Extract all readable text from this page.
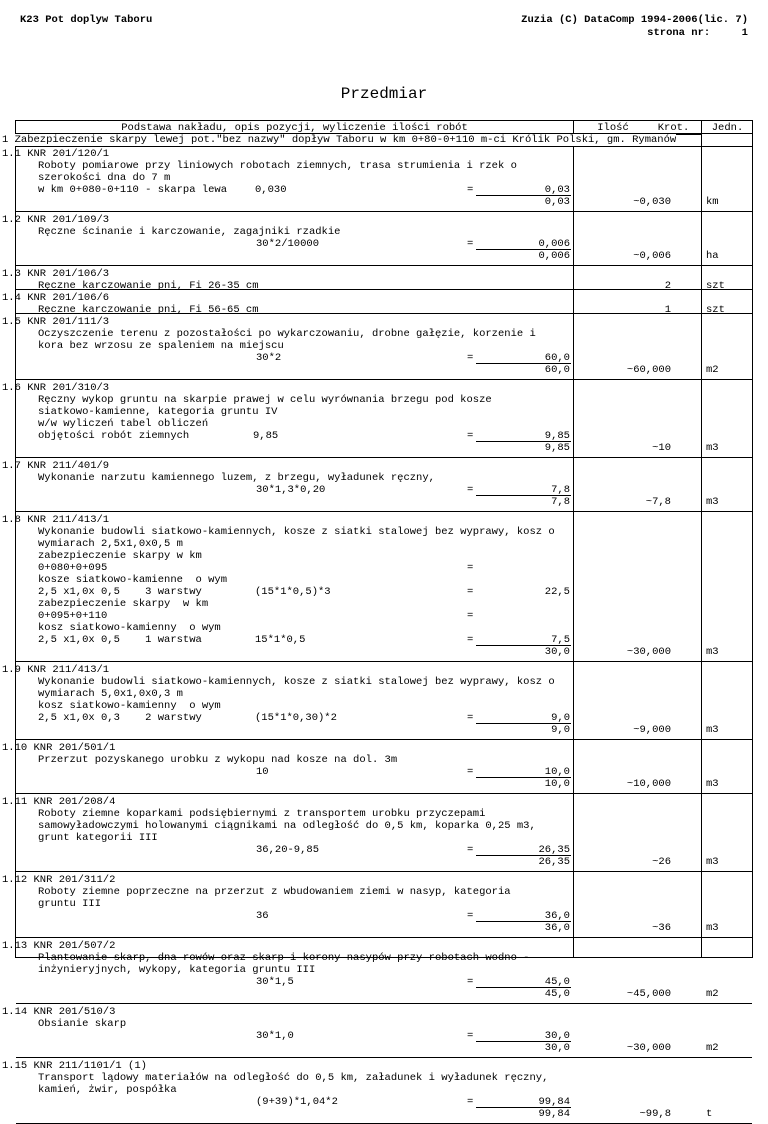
K23 Pot doplyw Taboru	Zuzia (C) DataComp 1994-2006(lic. 7)
strona nr:     1
Przedmiar
Podstawa nakładu, opis pozycji, wyliczenie ilości robót	Ilość	Krot.	Jedn.
1 Zabezpieczenie skarpy lewej pot."bez nazwy" dopływ Taboru w km 0+80-0+110 m-ci Królik Polski, gm. Rymanów
1.1 KNR 201/120/1
Roboty pomiarowe przy liniowych robotach ziemnych, trasa strumienia i rzek o
szerokości dna do 7 m
w km 0+080-0+110 - skarpa lewa	0,030	=	0,03
0,03	~0,030	km
1.2 KNR 201/109/3
Ręczne ścinanie i karczowanie, zagajniki rzadkie
30*2/10000	=	0,006
0,006	~0,006	ha
1.3 KNR 201/106/3
Ręczne karczowanie pni, Fi 26-35 cm	2	szt
1.4 KNR 201/106/6
Ręczne karczowanie pni, Fi 56-65 cm	1	szt
1.5 KNR 201/111/3
Oczyszczenie terenu z pozostałości po wykarczowaniu, drobne gałęzie, korzenie i
kora bez wrzosu ze spaleniem na miejscu
30*2	=	60,0
60,0	~60,000	m2
1.6 KNR 201/310/3
Ręczny wykop gruntu na skarpie prawej w celu wyrównania brzegu pod kosze
siatkowo-kamienne, kategoria gruntu IV
w/w wyliczeń tabel obliczeń
objętości robót ziemnych	9,85	=	9,85
9,85	~10	m3
1.7 KNR 211/401/9
Wykonanie narzutu kamiennego luzem, z brzegu, wyładunek ręczny,
30*1,3*0,20	=	7,8
7,8	~7,8	m3
1.8 KNR 211/413/1
Wykonanie budowli siatkowo-kamiennych, kosze z siatki stalowej bez wyprawy, kosz o
wymiarach 2,5x1,0x0,5 m
zabezpieczenie skarpy w km
0+080+0+095	=
kosze siatkowo-kamienne  o wym
2,5 x1,0x 0,5    3 warstwy	(15*1*0,5)*3	=	22,5
zabezpieczenie skarpy  w km
0+095+0+110	=
kosz siatkowo-kamienny  o wym
2,5 x1,0x 0,5    1 warstwa	15*1*0,5	=	7,5
30,0	~30,000	m3
1.9 KNR 211/413/1
Wykonanie budowli siatkowo-kamiennych, kosze z siatki stalowej bez wyprawy, kosz o
wymiarach 5,0x1,0x0,3 m
kosz siatkowo-kamienny  o wym
2,5 x1,0x 0,3    2 warstwy	(15*1*0,30)*2	=	9,0
9,0	~9,000	m3
1.10 KNR 201/501/1
Przerzut pozyskanego urobku z wykopu nad kosze na dol. 3m
10	=	10,0
10,0	~10,000	m3
1.11 KNR 201/208/4
Roboty ziemne koparkami podsiębiernymi z transportem urobku przyczepami
samowyładowczymi holowanymi ciągnikami na odległość do 0,5 km, koparka 0,25 m3,
grunt kategorii III
36,20-9,85	=	26,35
26,35	~26	m3
1.12 KNR 201/311/2
Roboty ziemne poprzeczne na przerzut z wbudowaniem ziemi w nasyp, kategoria
gruntu III
36	=	36,0
36,0	~36	m3
1.13 KNR 201/507/2
Plantowanie skarp, dna rowów oraz skarp i korony nasypów przy robotach wodno -
inżynieryjnych, wykopy, kategoria gruntu III
30*1,5	=	45,0
45,0	~45,000	m2
1.14 KNR 201/510/3
Obsianie skarp
30*1,0	=	30,0
30,0	~30,000	m2
1.15 KNR 211/1101/1 (1)
Transport lądowy materiałów na odległość do 0,5 km, załadunek i wyładunek ręczny,
kamień, żwir, pospółka
(9+39)*1,04*2	=	99,84
99,84	~99,8	t
